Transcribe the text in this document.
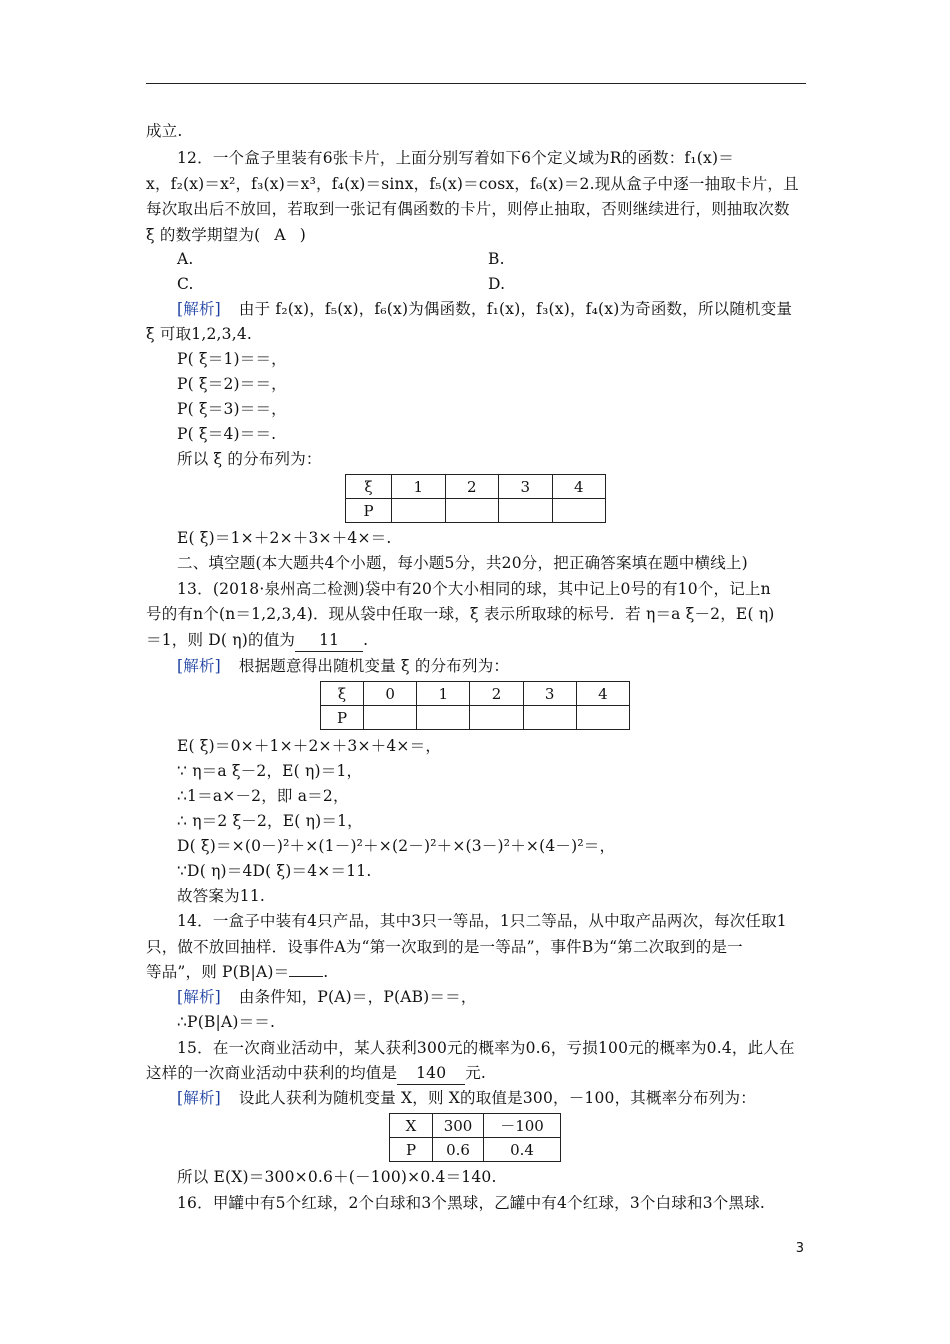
成立.
12．一个盒子里装有6张卡片，上面分别写着如下6个定义域为R的函数：f₁(x)＝
x，f₂(x)＝x²，f₃(x)＝x³，f₄(x)＝sinx，f₅(x)＝cosx，f₆(x)＝2.现从盒子中逐一抽取卡片，且
每次取出后不放回，若取到一张记有偶函数的卡片，则停止抽取，否则继续进行，则抽取次数
ξ 的数学期望为( A )
A.	B.
C.	D.
[解析] 由于 f₂(x)，f₅(x)，f₆(x)为偶函数，f₁(x)，f₃(x)，f₄(x)为奇函数，所以随机变量
ξ 可取1,2,3,4.
P( ξ＝1)＝＝，
P( ξ＝2)＝＝，
P( ξ＝3)＝＝，
P( ξ＝4)＝＝.
所以 ξ 的分布列为：
ξ	1	2	3	4
P				
E( ξ)＝1×＋2×＋3×＋4×＝.
二、填空题(本大题共4个小题，每小题5分，共20分，把正确答案填在题中横线上)
13．(2018·泉州高二检测)袋中有20个大小相同的球，其中记上0号的有10个，记上n
号的有n个(n＝1,2,3,4)．现从袋中任取一球，ξ 表示所取球的标号．若 η＝a ξ－2，E( η)
＝1，则 D( η)的值为 11 .
[解析] 根据题意得出随机变量 ξ 的分布列为：
ξ	0	1	2	3	4
P					
E( ξ)＝0×＋1×＋2×＋3×＋4×＝，
∵ η＝a ξ－2，E( η)＝1，
∴1＝a×－2，即 a＝2，
∴ η＝2 ξ－2，E( η)＝1，
D( ξ)＝×(0－)²＋×(1－)²＋×(2－)²＋×(3－)²＋×(4－)²＝，
∵D( η)＝4D( ξ)＝4×＝11.
故答案为11.
14．一盒子中装有4只产品，其中3只一等品，1只二等品，从中取产品两次，每次任取1
只，做不放回抽样．设事件A为“第一次取到的是一等品”，事件B为“第二次取到的是一
等品”，则 P(B|A)＝ .
[解析] 由条件知，P(A)＝，P(AB)＝＝，
∴P(B|A)＝＝.
15．在一次商业活动中，某人获利300元的概率为0.6，亏损100元的概率为0.4，此人在
这样的一次商业活动中获利的均值是 140 元.
[解析] 设此人获利为随机变量 X，则 X的取值是300，－100，其概率分布列为：
X	300	－100
P	0.6	0.4
所以 E(X)＝300×0.6＋(－100)×0.4＝140.
16．甲罐中有5个红球，2个白球和3个黑球，乙罐中有4个红球，3个白球和3个黑球.
3
